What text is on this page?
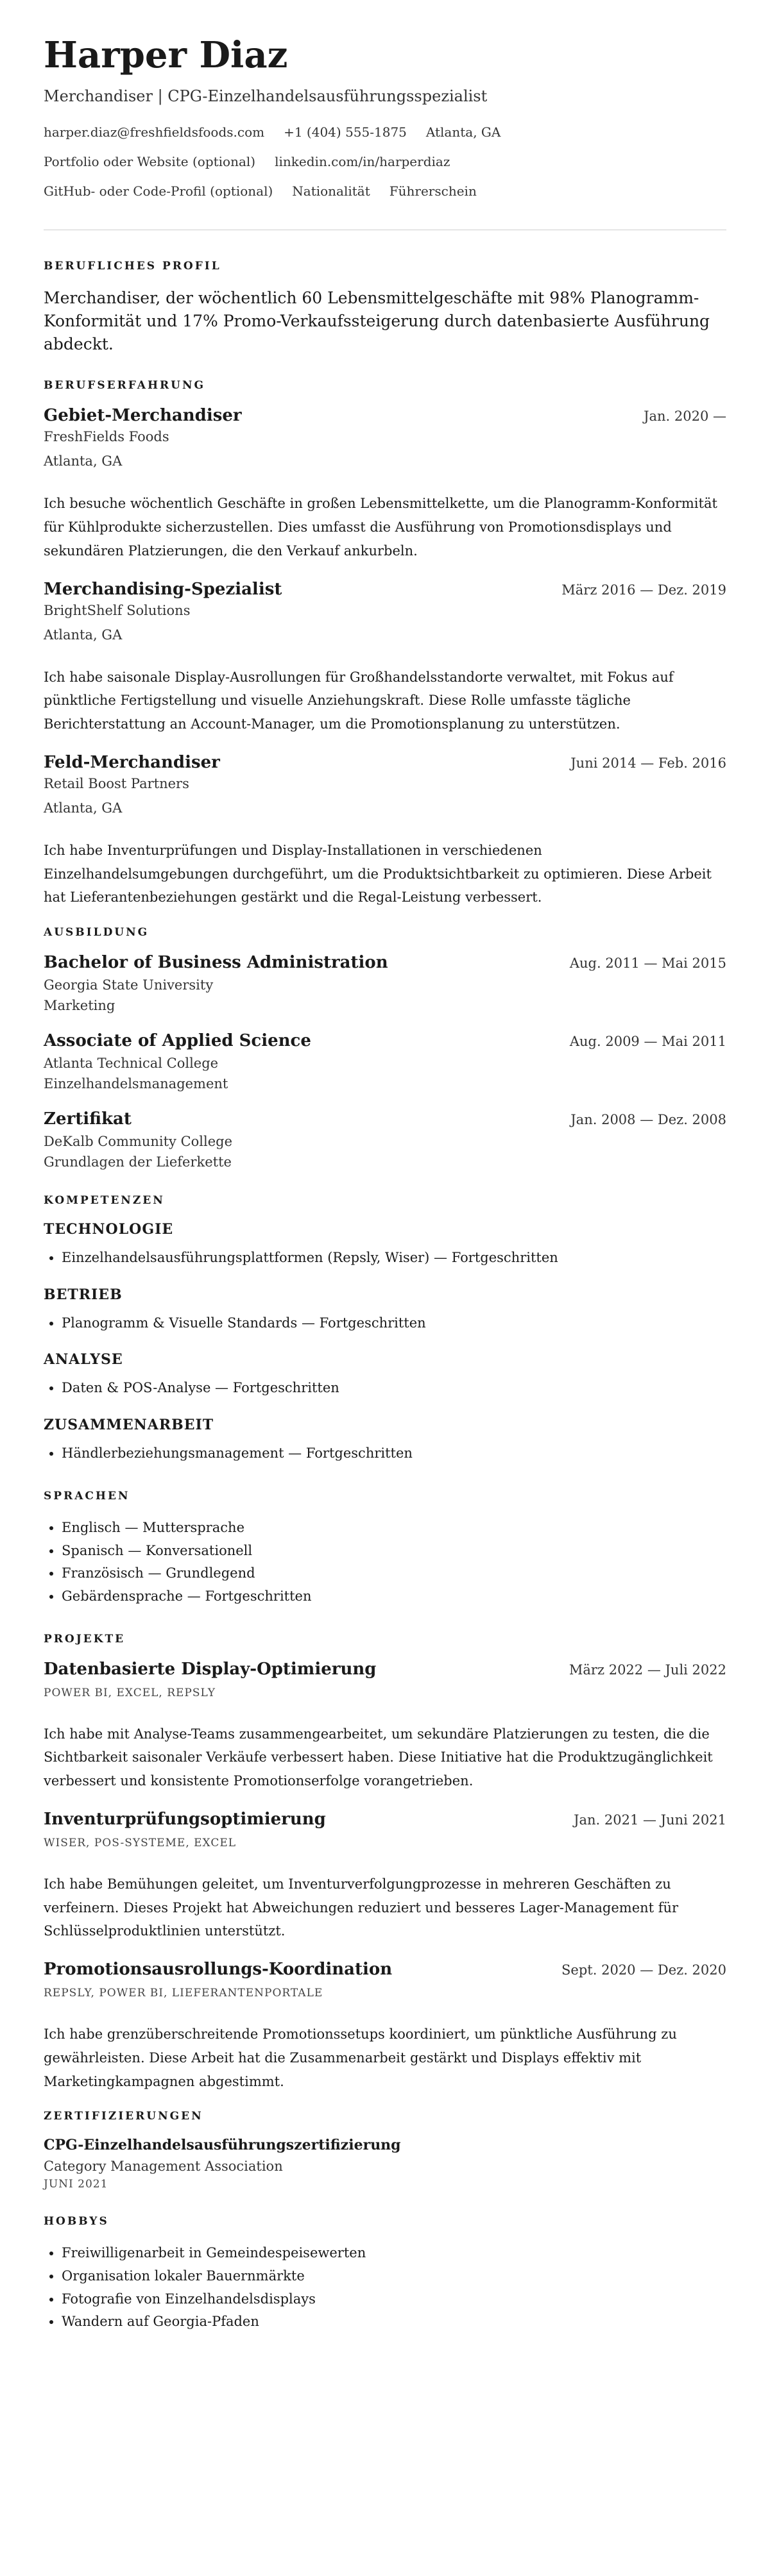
Harper Diaz
Merchandiser | CPG-Einzelhandelsausführungsspezialist
harper.diaz@freshfieldsfoods.com +1 (404) 555-1875 Atlanta, GA
Portfolio oder Website (optional) linkedin.com/in/harperdiaz
GitHub- oder Code-Profil (optional) Nationalität Führerschein
BERUFLICHES PROFIL
Merchandiser, der wöchentlich 60 Lebensmittelgeschäfte mit 98% Planogramm-Konformität und 17% Promo-Verkaufssteigerung durch datenbasierte Ausführung abdeckt.
BERUFSERFAHRUNG
Gebiet-Merchandiser	Jan. 2020 —
FreshFields Foods
Atlanta, GA
Ich besuche wöchentlich Geschäfte in großen Lebensmittelkette, um die Planogramm-Konformität für Kühlprodukte sicherzustellen. Dies umfasst die Ausführung von Promotionsdisplays und sekundären Platzierungen, die den Verkauf ankurbeln.
Merchandising-Spezialist	März 2016 — Dez. 2019
BrightShelf Solutions
Atlanta, GA
Ich habe saisonale Display-Ausrollungen für Großhandelsstandorte verwaltet, mit Fokus auf pünktliche Fertigstellung und visuelle Anziehungskraft. Diese Rolle umfasste tägliche Berichterstattung an Account-Manager, um die Promotionsplanung zu unterstützen.
Feld-Merchandiser	Juni 2014 — Feb. 2016
Retail Boost Partners
Atlanta, GA
Ich habe Inventurprüfungen und Display-Installationen in verschiedenen Einzelhandelsumgebungen durchgeführt, um die Produktsichtbarkeit zu optimieren. Diese Arbeit hat Lieferantenbeziehungen gestärkt und die Regal-Leistung verbessert.
AUSBILDUNG
Bachelor of Business Administration	Aug. 2011 — Mai 2015
Georgia State University
Marketing
Associate of Applied Science	Aug. 2009 — Mai 2011
Atlanta Technical College
Einzelhandelsmanagement
Zertifikat	Jan. 2008 — Dez. 2008
DeKalb Community College
Grundlagen der Lieferkette
KOMPETENZEN
TECHNOLOGIE
• Einzelhandelsausführungsplattformen (Repsly, Wiser) — Fortgeschritten
BETRIEB
• Planogramm & Visuelle Standards — Fortgeschritten
ANALYSE
• Daten & POS-Analyse — Fortgeschritten
ZUSAMMENARBEIT
• Händlerbeziehungsmanagement — Fortgeschritten
SPRACHEN
• Englisch — Muttersprache
• Spanisch — Konversationell
• Französisch — Grundlegend
• Gebärdensprache — Fortgeschritten
PROJEKTE
Datenbasierte Display-Optimierung	März 2022 — Juli 2022
POWER BI, EXCEL, REPSLY
Ich habe mit Analyse-Teams zusammengearbeitet, um sekundäre Platzierungen zu testen, die die Sichtbarkeit saisonaler Verkäufe verbessert haben. Diese Initiative hat die Produktzugänglichkeit verbessert und konsistente Promotionserfolge vorangetrieben.
Inventurprüfungsoptimierung	Jan. 2021 — Juni 2021
WISER, POS-SYSTEME, EXCEL
Ich habe Bemühungen geleitet, um Inventurverfolgungprozesse in mehreren Geschäften zu verfeinern. Dieses Projekt hat Abweichungen reduziert und besseres Lager-Management für Schlüsselproduktlinien unterstützt.
Promotionsausrollungs-Koordination	Sept. 2020 — Dez. 2020
REPSLY, POWER BI, LIEFERANTENPORTALE
Ich habe grenzüberschreitende Promotionssetups koordiniert, um pünktliche Ausführung zu gewährleisten. Diese Arbeit hat die Zusammenarbeit gestärkt und Displays effektiv mit Marketingkampagnen abgestimmt.
ZERTIFIZIERUNGEN
CPG-Einzelhandelsausführungszertifizierung
Category Management Association
JUNI 2021
HOBBYS
• Freiwilligenarbeit in Gemeindespeisewerten
• Organisation lokaler Bauernmärkte
• Fotografie von Einzelhandelsdisplays
• Wandern auf Georgia-Pfaden
